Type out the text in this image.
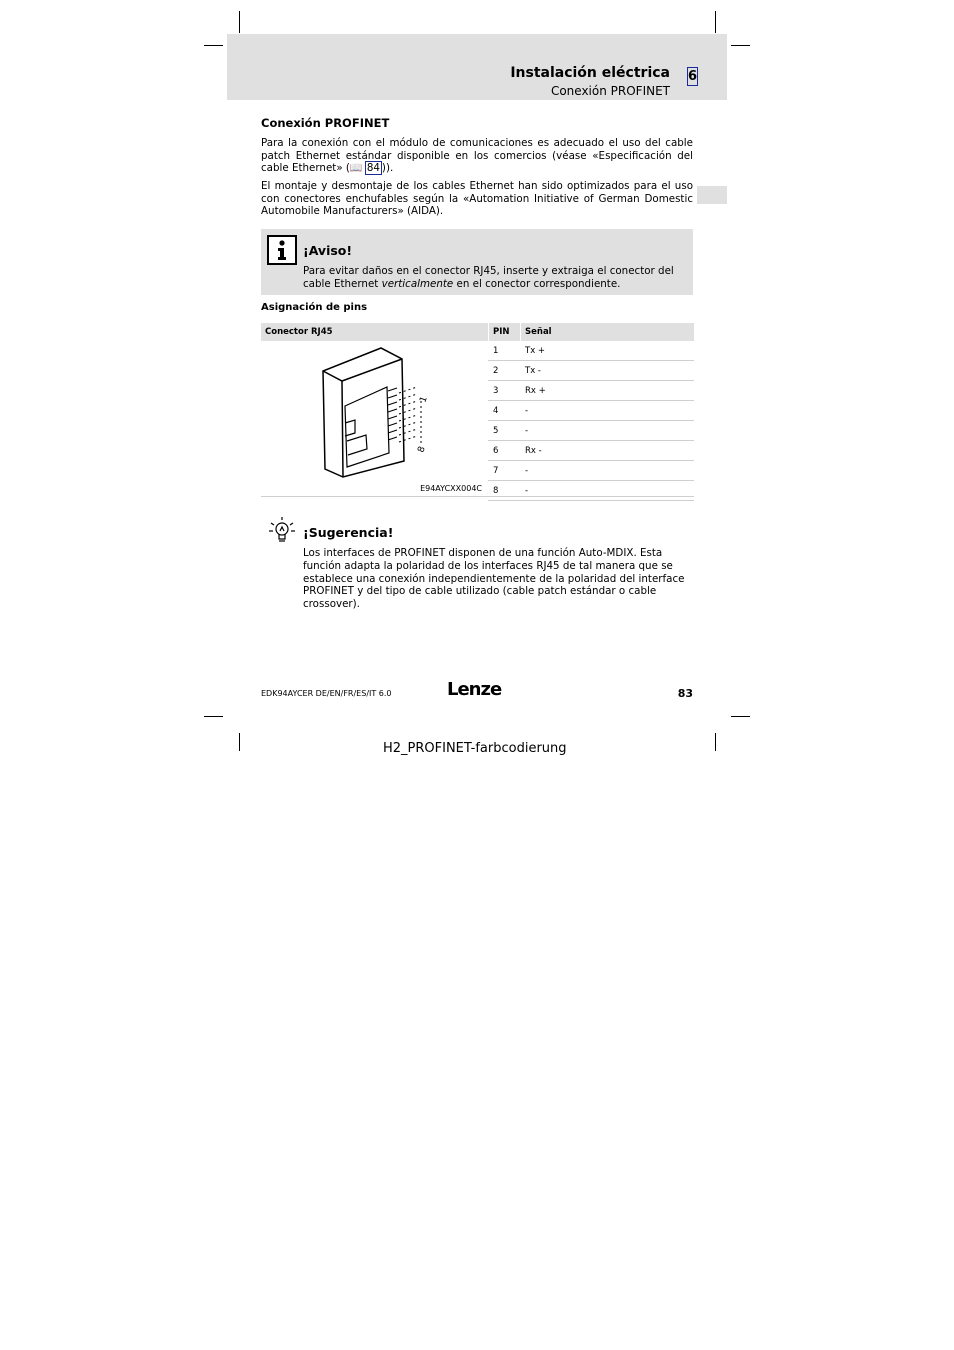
Instalación eléctrica
Conexión PROFINET
6
Conexión PROFINET
Para la conexión con el módulo de comunicaciones es adecuado el uso del cable patch Ethernet estándar disponible en los comercios (véase «Especificación del cable Ethernet» (📖  84 )).
El montaje y desmontaje de los cables Ethernet han sido optimizados para el uso con conectores enchufables según la «Automation Initiative of German Domestic Automobile Manufacturers» (AIDA).
¡Aviso!
Para evitar daños en el conector RJ45, inserte y extraiga el conector del cable Ethernet verticalmente en el conector correspondiente.
Asignación de pins
Conector RJ45	PIN	Señal
	1	Tx +
	2	Tx -
	3	Rx +
	4	-
	5	-
	6	Rx -
	7	-
	8	-
1
8
E94AYCXX004C
¡Sugerencia!
Los interfaces de PROFINET disponen de una función Auto-MDIX. Esta función adapta la polaridad de los interfaces RJ45 de tal manera que se establece una conexión independientemente de la polaridad del interface PROFINET y del tipo de cable utilizado (cable patch estándar o cable crossover).
EDK94AYCER DE/EN/FR/ES/IT 6.0	Lenze	83
H2_PROFINET-farbcodierung
